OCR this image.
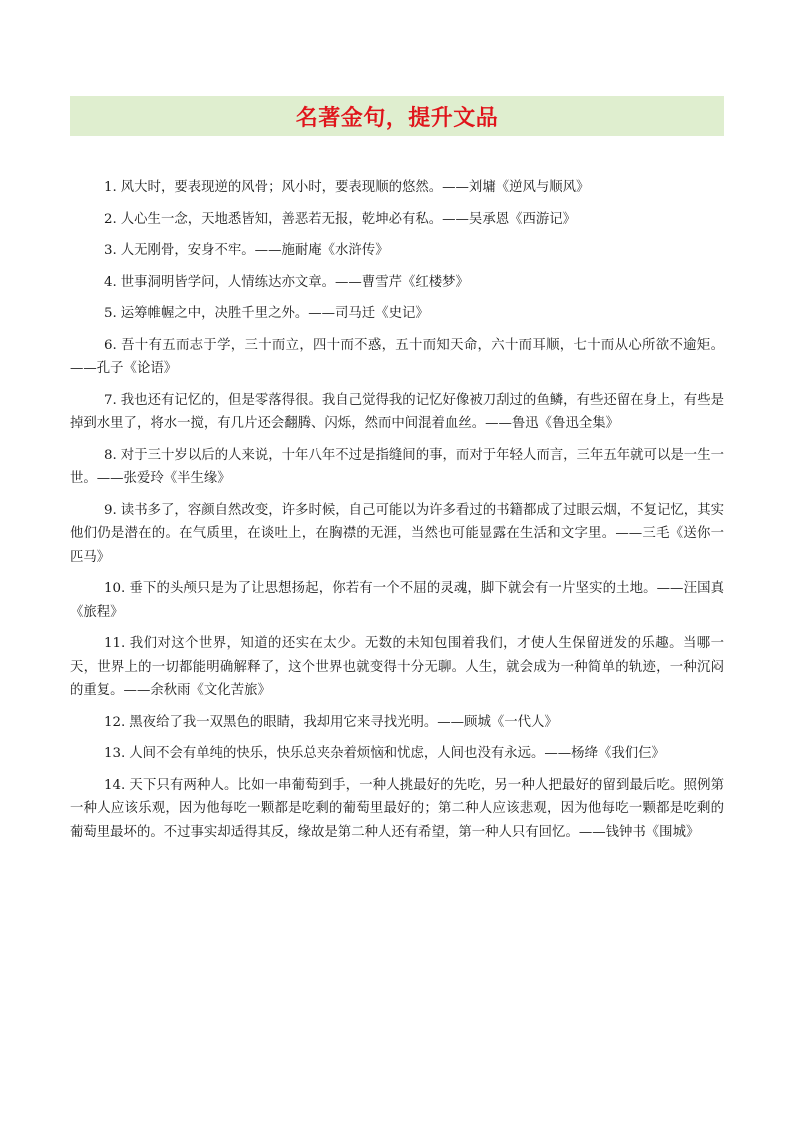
名著金句，提升文品

1. 风大时，要表现逆的风骨；风小时，要表现顺的悠然。——刘墉《逆风与顺风》

2. 人心生一念，天地悉皆知，善恶若无报，乾坤必有私。——吴承恩《西游记》

3. 人无刚骨，安身不牢。——施耐庵《水浒传》

4. 世事洞明皆学问，人情练达亦文章。——曹雪芹《红楼梦》

5. 运筹帷幄之中，决胜千里之外。——司马迁《史记》

6. 吾十有五而志于学，三十而立，四十而不惑，五十而知天命，六十而耳顺，七十而从心所欲不逾矩。——孔子《论语》

7. 我也还有记忆的，但是零落得很。我自己觉得我的记忆好像被刀刮过的鱼鳞，有些还留在身上，有些是掉到水里了，将水一搅，有几片还会翻腾、闪烁，然而中间混着血丝。——鲁迅《鲁迅全集》

8. 对于三十岁以后的人来说，十年八年不过是指缝间的事，而对于年轻人而言，三年五年就可以是一生一世。——张爱玲《半生缘》

9. 读书多了，容颜自然改变，许多时候，自己可能以为许多看过的书籍都成了过眼云烟，不复记忆，其实他们仍是潜在的。在气质里，在谈吐上，在胸襟的无涯，当然也可能显露在生活和文字里。——三毛《送你一匹马》

10. 垂下的头颅只是为了让思想扬起，你若有一个不屈的灵魂，脚下就会有一片坚实的土地。——汪国真《旅程》

11. 我们对这个世界，知道的还实在太少。无数的未知包围着我们，才使人生保留迸发的乐趣。当哪一天，世界上的一切都能明确解释了，这个世界也就变得十分无聊。人生，就会成为一种简单的轨迹，一种沉闷的重复。——余秋雨《文化苦旅》

12. 黑夜给了我一双黑色的眼睛，我却用它来寻找光明。——顾城《一代人》

13. 人间不会有单纯的快乐，快乐总夹杂着烦恼和忧虑，人间也没有永远。——杨绛《我们仨》

14. 天下只有两种人。比如一串葡萄到手，一种人挑最好的先吃，另一种人把最好的留到最后吃。照例第一种人应该乐观，因为他每吃一颗都是吃剩的葡萄里最好的；第二种人应该悲观，因为他每吃一颗都是吃剩的葡萄里最坏的。不过事实却适得其反，缘故是第二种人还有希望，第一种人只有回忆。——钱钟书《围城》
